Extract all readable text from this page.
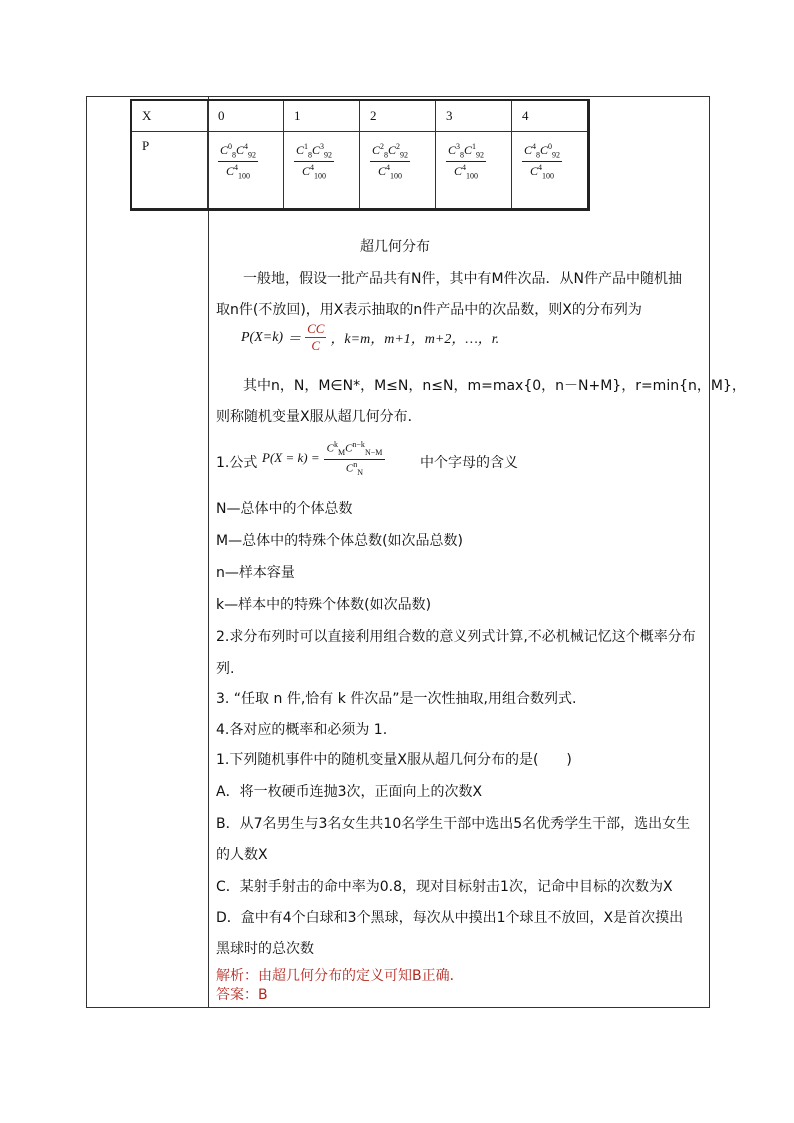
X	0	1	2	3	4
P	$\frac{C^0_8C^4_{92}}{C^4_{100}}$	$\frac{C^1_8C^3_{92}}{C^4_{100}}$	$\frac{C^2_8C^2_{92}}{C^4_{100}}$	$\frac{C^3_8C^1_{92}}{C^4_{100}}$	$\frac{C^4_8C^0_{92}}{C^4_{100}}$
超几何分布
一般地，假设一批产品共有N件，其中有M件次品．从N件产品中随机抽
取n件(不放回)，用X表示抽取的n件产品中的次品数，则X的分布列为
P(X=k) ＝
CC
C ，k=m，m+1，m+2，…，r.
其中n，N，M∈N*，M≤N，n≤N，m=max{0，n－N+M}，r=min{n，M}，
则称随机变量X服从超几何分布．
1.公式 P(X = k) =
$C^k_MC^{n-k}_{N-M}$
$C^n_N$
中个字母的含义
N—总体中的个体总数
M—总体中的特殊个体总数(如次品总数)
n—样本容量
k—样本中的特殊个体数(如次品数)
2.求分布列时可以直接利用组合数的意义列式计算,不必机械记忆这个概率分布
列.
3. “任取 n 件,恰有 k 件次品”是一次性抽取,用组合数列式.
4.各对应的概率和必须为 1.
1.下列随机事件中的随机变量X服从超几何分布的是(　　)
A．将一枚硬币连抛3次，正面向上的次数X
B．从7名男生与3名女生共10名学生干部中选出5名优秀学生干部，选出女生
的人数X
C．某射手射击的命中率为0.8，现对目标射击1次，记命中目标的次数为X
D．盒中有4个白球和3个黑球，每次从中摸出1个球且不放回，X是首次摸出
黑球时的总次数
解析：由超几何分布的定义可知B正确．
答案：B
